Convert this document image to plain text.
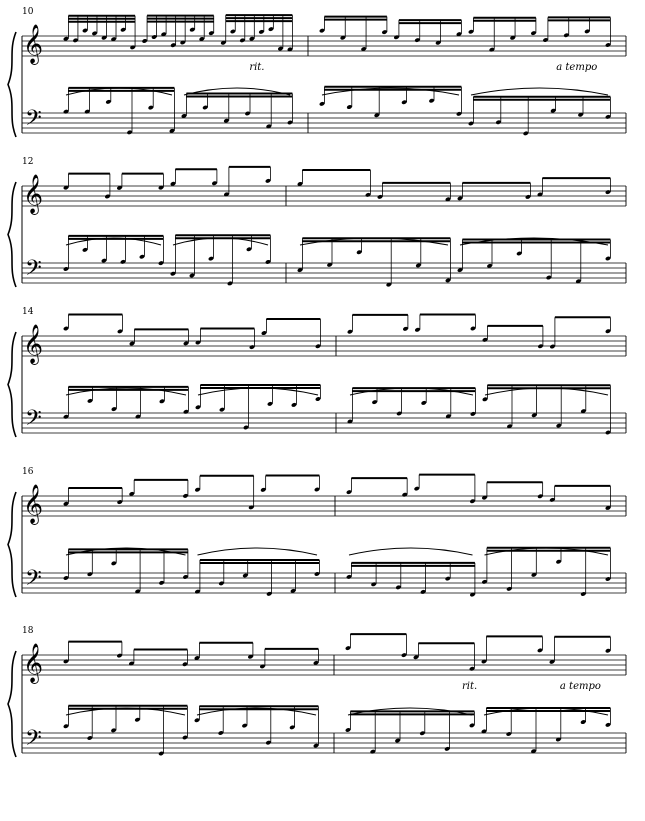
10
𝄞
𝄢
rit.	a tempo
12
𝄞
𝄢
14
𝄞
𝄢
16
𝄞
𝄢
18
𝄞
𝄢
rit.	a tempo
